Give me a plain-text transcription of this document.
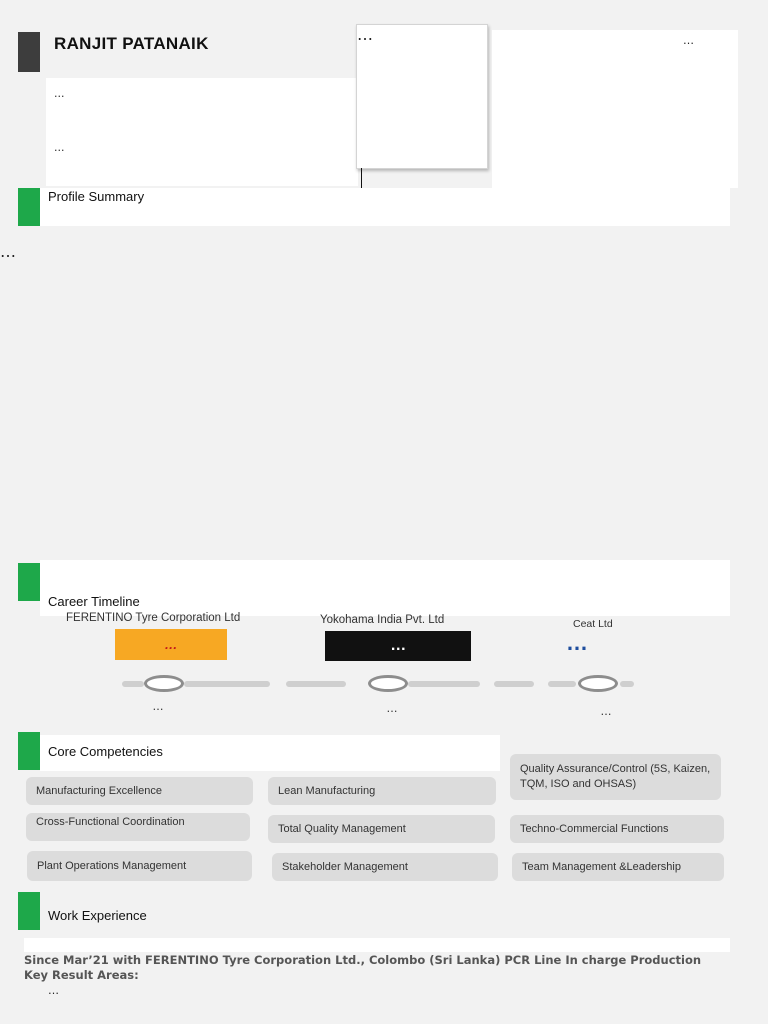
RANJIT PATANAIK
…
…
…	…
Profile Summary
…
Career Timeline
FERENTINO Tyre Corporation Ltd	Yokohama India Pvt. Ltd	Ceat Ltd
…	…	…
…	…	…
Core Competencies
Manufacturing Excellence	Lean Manufacturing
Quality Assurance/Control (5S, Kaizen, TQM, ISO and OHSAS)
Cross-Functional Coordination
Total Quality Management	Techno-Commercial Functions
Plant Operations Management	Stakeholder Management	Team Management &Leadership
Work Experience
Since Mar’21 with FERENTINO Tyre Corporation Ltd., Colombo (Sri Lanka) PCR Line In charge Production
Key Result Areas:
…
